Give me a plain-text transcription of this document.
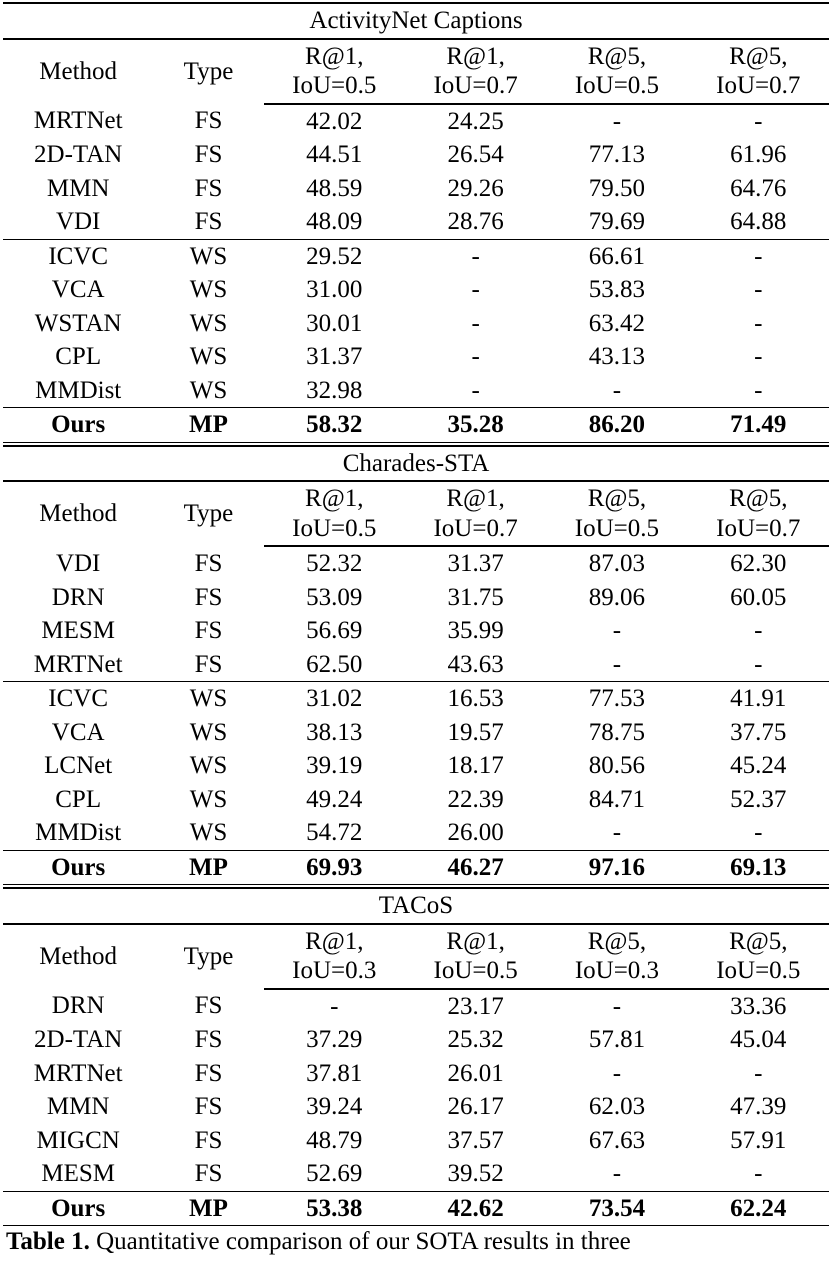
ActivityNet Captions					
Method	Type	R@1,	R@1,	R@5,	R@5,
		IoU=0.5	IoU=0.7	IoU=0.5	IoU=0.7
MRTNet	FS	42.02	24.25	-	-
2D-TAN	FS	44.51	26.54	77.13	61.96
MMN	FS	48.59	29.26	79.50	64.76
VDI	FS	48.09	28.76	79.69	64.88
ICVC	WS	29.52	-	66.61	-
VCA	WS	31.00	-	53.83	-
WSTAN	WS	30.01	-	63.42	-
CPL	WS	31.37	-	43.13	-
MMDist	WS	32.98	-	-	-
Ours	MP	58.32	35.28	86.20	71.49
Charades-STA					
Method	Type	R@1,	R@1,	R@5,	R@5,
		IoU=0.5	IoU=0.7	IoU=0.5	IoU=0.7
VDI	FS	52.32	31.37	87.03	62.30
DRN	FS	53.09	31.75	89.06	60.05
MESM	FS	56.69	35.99	-	-
MRTNet	FS	62.50	43.63	-	-
ICVC	WS	31.02	16.53	77.53	41.91
VCA	WS	38.13	19.57	78.75	37.75
LCNet	WS	39.19	18.17	80.56	45.24
CPL	WS	49.24	22.39	84.71	52.37
MMDist	WS	54.72	26.00	-	-
Ours	MP	69.93	46.27	97.16	69.13
TACoS					
Method	Type	R@1,	R@1,	R@5,	R@5,
		IoU=0.3	IoU=0.5	IoU=0.3	IoU=0.5
DRN	FS	-	23.17	-	33.36
2D-TAN	FS	37.29	25.32	57.81	45.04
MRTNet	FS	37.81	26.01	-	-
MMN	FS	39.24	26.17	62.03	47.39
MIGCN	FS	48.79	37.57	67.63	57.91
MESM	FS	52.69	39.52	-	-
Ours	MP	53.38	42.62	73.54	62.24
Table 1. Quantitative comparison of our SOTA results in three
